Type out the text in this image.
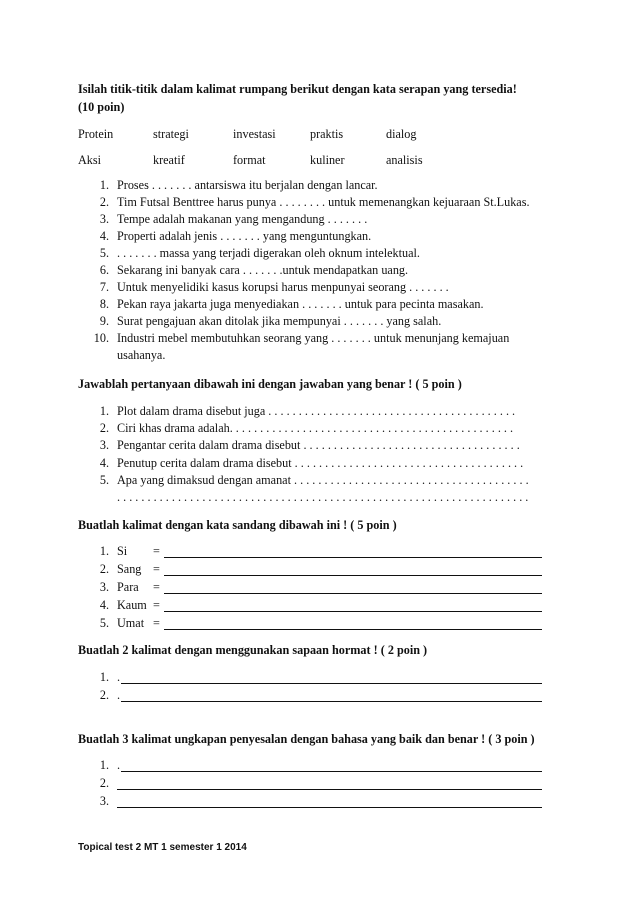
Isilah titik-titik dalam kalimat rumpang berikut dengan kata serapan yang tersedia!
(10 poin)
Protein	strategi	investasi	praktis	dialog
Aksi	kreatif	format	kuliner	analisis
1. Proses . . . . . . . antarsiswa itu berjalan dengan lancar.
2. Tim Futsal Benttree harus punya . . . . . . . . untuk memenangkan kejuaraan St.Lukas.
3. Tempe adalah makanan yang mengandung . . . . . . .
4. Properti adalah jenis . . . . . . . yang menguntungkan.
5. . . . . . . . massa yang terjadi digerakan oleh oknum intelektual.
6. Sekarang ini banyak cara . . . . . . .untuk mendapatkan uang.
7. Untuk menyelidiki kasus korupsi harus menpunyai seorang . . . . . . .
8. Pekan raya jakarta juga menyediakan . . . . . . . untuk para pecinta masakan.
9. Surat pengajuan akan ditolak jika mempunyai . . . . . . . yang salah.
10. Industri mebel membutuhkan seorang yang . . . . . . . untuk menunjang kemajuan
usahanya.
Jawablah pertanyaan dibawah ini dengan jawaban yang benar ! ( 5 poin )
1. Plot dalam drama disebut juga . . . . . . . . . . . . . . . . . . . . . . . . . . . . . . . . . . . . . . . . .
2. Ciri khas drama adalah. . . . . . . . . . . . . . . . . . . . . . . . . . . . . . . . . . . . . . . . . . . . . . .
3. Pengantar cerita dalam drama disebut . . . . . . . . . . . . . . . . . . . . . . . . . . . . . . . . . . . .
4. Penutup cerita dalam drama disebut . . . . . . . . . . . . . . . . . . . . . . . . . . . . . . . . . . . . . .
5. Apa yang dimaksud dengan amanat . . . . . . . . . . . . . . . . . . . . . . . . . . . . . . . . . . . . . . .
. . . . . . . . . . . . . . . . . . . . . . . . . . . . . . . . . . . . . . . . . . . . . . . . . . . . . . . . . . . . . . . . . . . .
Buatlah kalimat dengan kata sandang dibawah ini ! ( 5 poin )
1. Si =
2. Sang =
3. Para =
4. Kaum =
5. Umat =
Buatlah 2 kalimat dengan menggunakan sapaan hormat ! ( 2 poin )
1. .
2. .
Buatlah 3 kalimat ungkapan penyesalan dengan bahasa yang baik dan benar ! ( 3 poin )
1. .
2.
3.
Topical test 2 MT 1 semester 1 2014
